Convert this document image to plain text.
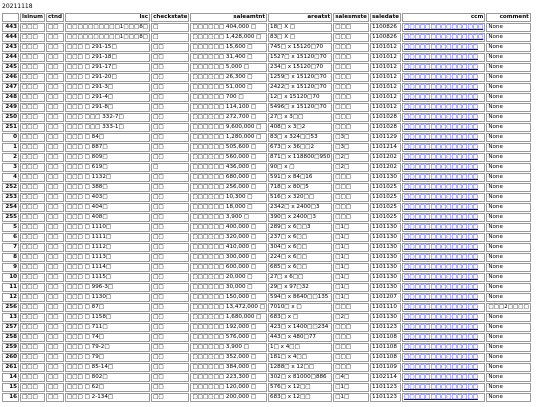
20211118
	lsinum	ctnd	lsc	checkstate	saleamtnt	areatst	salesmste	saledate	ccm	comment
443	□□□	□□	□□□□□□□□□□1□□□8□	□	□□□□□□ 404,000 □	18□ X □	□□□	1100826	□□□□□□□□□□□□□□□	None
444	□□□	□□	□□□□□□□□□□1□□□8□	□	□□□□□□ 1,428,000 □	83□ X □	□□□	1100826	□□□□□□□□□□□□□□□	None
243	□□□	□□	□□□ □ 291-15□	□□	□□□□□□ 15,600 □	745□ x 15120□70	□□□	1101012	□□□□□□□□□□□□□□	None
244	□□□	□□	□□□ □ 291-18□	□□	□□□□□□ 31,400 □	1527□ x 15120□70	□□□	1101012	□□□□□□□□□□□□□□	None
245	□□□	□□	□□□ □ 291-17□	□□	□□□□□□ 5,000 □	234□ x 15120□70	□□□	1101012	□□□□□□□□□□□□□□	None
246	□□□	□□	□□□ □ 291-20□	□□	□□□□□□ 26,300 □	1259□ x 15120□70	□□□	1101012	□□□□□□□□□□□□□□	None
247	□□□	□□	□□□ □ 291-3□	□□	□□□□□□ 51,000 □	2422□ x 15120□70	□□□	1101012	□□□□□□□□□□□□□□	None
248	□□□	□□	□□□ □ 291-4□	□□	□□□□□□ 700 □	12□ x 15120□70	□□□	1101012	□□□□□□□□□□□□□□	None
249	□□□	□□	□□□ □ 291-8□	□□	□□□□□□ 114,100 □	5496□ x 15120□70	□□□	1101012	□□□□□□□□□□□□□□	None
250	□□□	□□	□□□ □□□ 332-7□	□□	□□□□□□ 272,700 □	27□ x 3□□	□□□	1101028	□□□□□□□□□□□□□□	None
251	□□□	□□	□□□ □□□ 333-1□	□□	□□□□□□ 9,600,000 □	408□ x 3□2	□□□	1101028	□□□□□□□□□□□□□□	None
0	□□□	□□	□□□ □ 84□	□□	□□□□□□ 1,280,000 □	83□ x 324□□53	□3□	1101129	□□□□□□□□□□□□□□	None
1	□□□	□□	□□□ □ 887□	□□	□□□□□□ 505,600 □	673□ x 36□□2	□3□	1101214	□□□□□□□□□□□□□□	None
2	□□□	□□	□□□ □ 809□	□□	□□□□□□ 560,000 □	871□ x 118800□950	□2□	1101202	□□□□□□□□□□□□□□	None
3	□□□	□□	□□□ □ 619□	□	□□□□□□ 436,000 □	90□ x □	□2□	1101202	□□□□□□□□□□□□□□	None
4	□□□	□□	□□□ □ 1132□	□□	□□□□□□ 680,000 □	591□ x 84□16	□□□	1101130	□□□□□□□□□□□□□□	None
252	□□□	□□	□□□ □ 388□	□□	□□□□□□ 256,000 □	718□ x 80□5	□□□	1101025	□□□□□□□□□□□□□□	None
253	□□□	□□	□□□ □ 403□	□□	□□□□□□ 10,300 □	516□ x 320□□	□□□	1101025	□□□□□□□□□□□□□□	None
254	□□□	□□	□□□ □ 404□	□□	□□□□□□ 18,000 □	2342□ x 2400□3	□□□	1101025	□□□□□□□□□□□□□□	None
255	□□□	□□	□□□ □ 408□	□□	□□□□□□ 3,900 □	390□ x 2400□3	□□□	1101025	□□□□□□□□□□□□□□	None
5	□□□	□□	□□□ □ 1110□	□□	□□□□□□ 400,000 □	289□ x 6□□3	□1□	1101130	□□□□□□□□□□□□□□	None
6	□□□	□□	□□□ □ 1111□	□□	□□□□□□ 320,000 □	237□ x 6□□	□1□	1101130	□□□□□□□□□□□□□□	None
7	□□□	□□	□□□ □ 1112□	□□	□□□□□□ 410,000 □	304□ x 6□□	□1□	1101130	□□□□□□□□□□□□□□	None
8	□□□	□□	□□□ □ 1113□	□□	□□□□□□ 300,000 □	224□ x 6□□	□1□	1101130	□□□□□□□□□□□□□□	None
9	□□□	□□	□□□ □ 1114□	□□	□□□□□□ 600,000 □	685□ x 6□□	□1□	1101130	□□□□□□□□□□□□□□	None
10	□□□	□□	□□□ □ 1115□	□□	□□□□□□ 20,000 □	27□ x 6□□	□1□	1101130	□□□□□□□□□□□□□□	None
11	□□□	□□	□□□ □ 996-3□	□□	□□□□□□ 30,000 □	29□ x 97□32	□1□	1101130	□□□□□□□□□□□□□□	None
12	□□□	□□	□□□ □ 1130□	□□	□□□□□□ 150,000 □	594□ x 8640□□135	□1□	1101207	□□□□□□□□□□□□□□	None
256	□□□	□□	□□□ □ 87□	□□	□□□□□□ 13,472,000 □	7010□ x □	□□□	1101110	□□□□□□□□□□□□□□	□□□2□□□□
13	□□□	□□	□□□ □ 1158□	□□	□□□□□□ 1,680,000 □	683□ x □	□2□	1101130	□□□□□□□□□□□□□□	None
257	□□□	□□	□□□ □ 711□	□□	□□□□□□ 192,000 □	423□ x 1400□□234	□□□	1101123	□□□□□□□□□□□□□□	None
258	□□□	□□	□□□ □ 74□	□□	□□□□□□ 576,000 □	443□ x 480□77	□□□	1101108	□□□□□□□□□□□□□□	None
259	□□□	□□	□□□ □ 79-2□	□□	□□□□□□ 3,900 □	1□ x 4□□	□□□	1101108	□□□□□□□□□□□□□□	None
260	□□□	□□	□□□ □ 79□	□□	□□□□□□ 352,000 □	181□ x 4□□	□□□	1101108	□□□□□□□□□□□□□□	None
261	□□□	□□	□□□ □ 85-14□	□□	□□□□□□ 384,000 □	1288□ x 12□□	□□□	1101109	□□□□□□□□□□□□□□	None
14	□□□	□□	□□□ □ 802□	□□	□□□□□□ 223,300 □	302□ x 81000□886	□4□	1102114	□□□□□□□□□□□□□□	None
15	□□□	□□	□□□ □ 62□	□□	□□□□□□ 120,000 □	576□ x 12□□	□1□	1101123	□□□□□□□□□□□□□□	None
16	□□□	□□	□□□ □ 2-134□	□□	□□□□□□ 200,000 □	683□ x 12□□	□1□	1101123	□□□□□□□□□□□□□□	None
